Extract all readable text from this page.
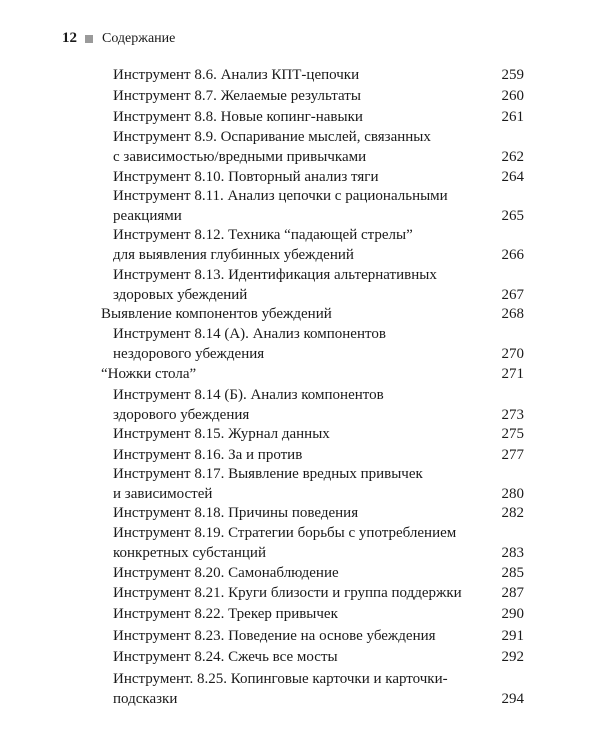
12 Содержание
Инструмент 8.6. Анализ КПТ-цепочки	259
Инструмент 8.7. Желаемые результаты	260
Инструмент 8.8. Новые копинг-навыки	261
Инструмент 8.9. Оспаривание мыслей, связанных
с зависимостью/вредными привычками	262
Инструмент 8.10. Повторный анализ тяги	264
Инструмент 8.11. Анализ цепочки с рациональными
реакциями	265
Инструмент 8.12. Техника “падающей стрелы”
для выявления глубинных убеждений	266
Инструмент 8.13. Идентификация альтернативных
здоровых убеждений	267
Выявление компонентов убеждений	268
Инструмент 8.14 (А). Анализ компонентов
нездорового убеждения	270
“Ножки стола”	271
Инструмент 8.14 (Б). Анализ компонентов
здорового убеждения	273
Инструмент 8.15. Журнал данных	275
Инструмент 8.16. За и против	277
Инструмент 8.17. Выявление вредных привычек
и зависимостей	280
Инструмент 8.18. Причины поведения	282
Инструмент 8.19. Стратегии борьбы с употреблением
конкретных субстанций	283
Инструмент 8.20. Самонаблюдение	285
Инструмент 8.21. Круги близости и группа поддержки	287
Инструмент 8.22. Трекер привычек	290
Инструмент 8.23. Поведение на основе убеждения	291
Инструмент 8.24. Сжечь все мосты	292
Инструмент. 8.25. Копинговые карточки и карточки-
подсказки	294
